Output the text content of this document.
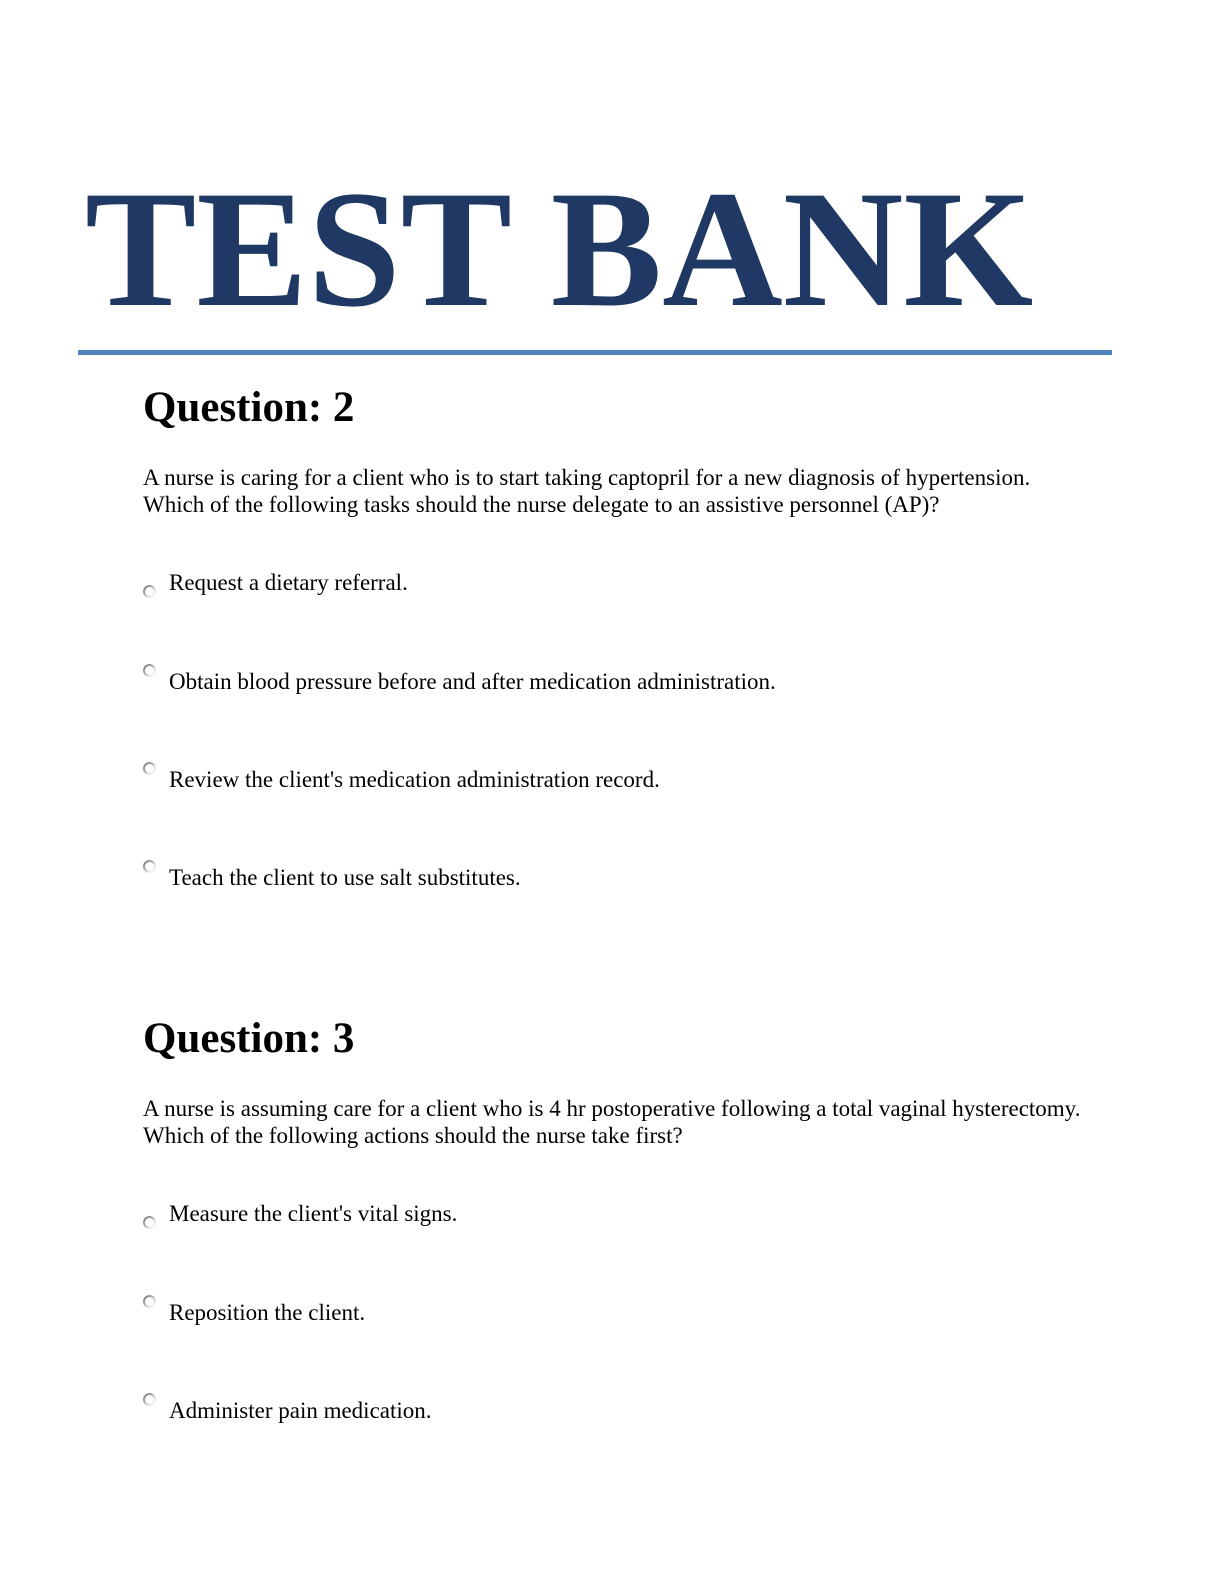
TEST BANK
Question: 2

A nurse is caring for a client who is to start taking captopril for a new diagnosis of hypertension. Which of the following tasks should the nurse delegate to an assistive personnel (AP)?

Request a dietary referral.
Obtain blood pressure before and after medication administration.
Review the client's medication administration record.
Teach the client to use salt substitutes.
Question: 3

A nurse is assuming care for a client who is 4 hr postoperative following a total vaginal hysterectomy. Which of the following actions should the nurse take first?

Measure the client's vital signs.
Reposition the client.
Administer pain medication.
